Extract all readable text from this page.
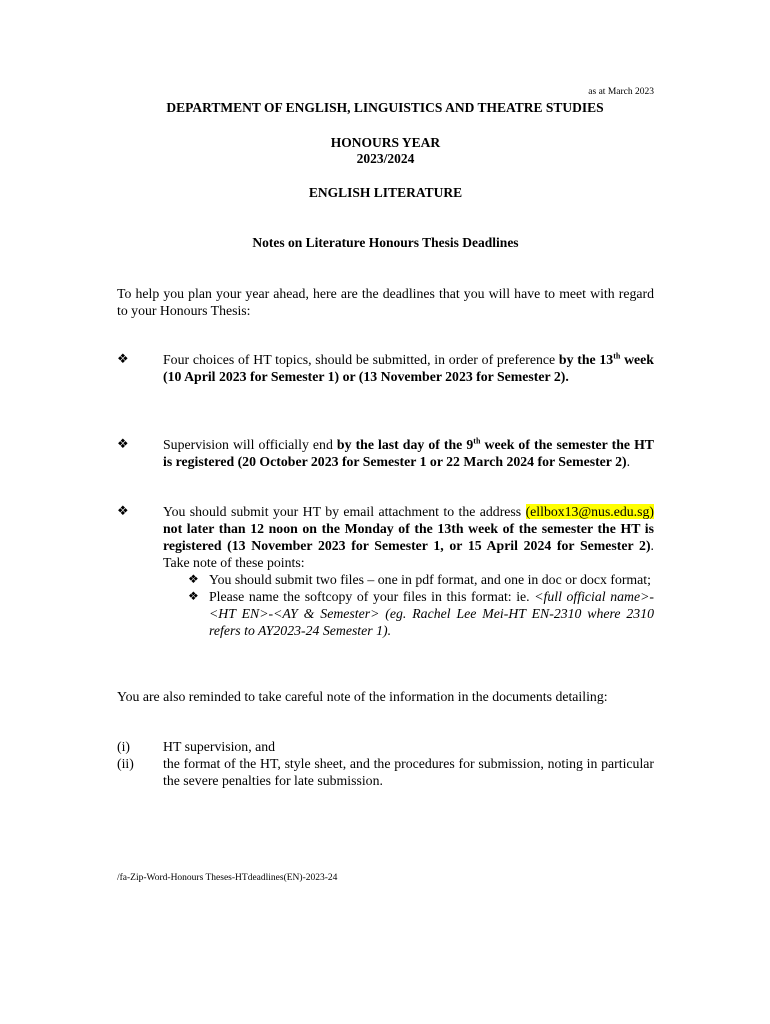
as at March 2023
DEPARTMENT OF ENGLISH, LINGUISTICS AND THEATRE STUDIES
HONOURS YEAR
2023/2024
ENGLISH LITERATURE
Notes on Literature Honours Thesis Deadlines
To help you plan your year ahead, here are the deadlines that you will have to meet with regard to your Honours Thesis:
❖ Four choices of HT topics, should be submitted, in order of preference by the 13th week (10 April 2023 for Semester 1) or (13 November 2023 for Semester 2).
❖ Supervision will officially end by the last day of the 9th week of the semester the HT is registered (20 October 2023 for Semester 1 or 22 March 2024 for Semester 2).
❖ You should submit your HT by email attachment to the address (ellbox13@nus.edu.sg) not later than 12 noon on the Monday of the 13th week of the semester the HT is registered (13 November 2023 for Semester 1, or 15 April 2024 for Semester 2). Take note of these points:
❖ You should submit two files – one in pdf format, and one in doc or docx format;
❖ Please name the softcopy of your files in this format: ie. <full official name>-<HT EN>-<AY & Semester> (eg. Rachel Lee Mei-HT EN-2310 where 2310 refers to AY2023-24 Semester 1).
You are also reminded to take careful note of the information in the documents detailing:
(i) HT supervision, and
(ii) the format of the HT, style sheet, and the procedures for submission, noting in particular the severe penalties for late submission.
/fa-Zip-Word-Honours Theses-HTdeadlines(EN)-2023-24
